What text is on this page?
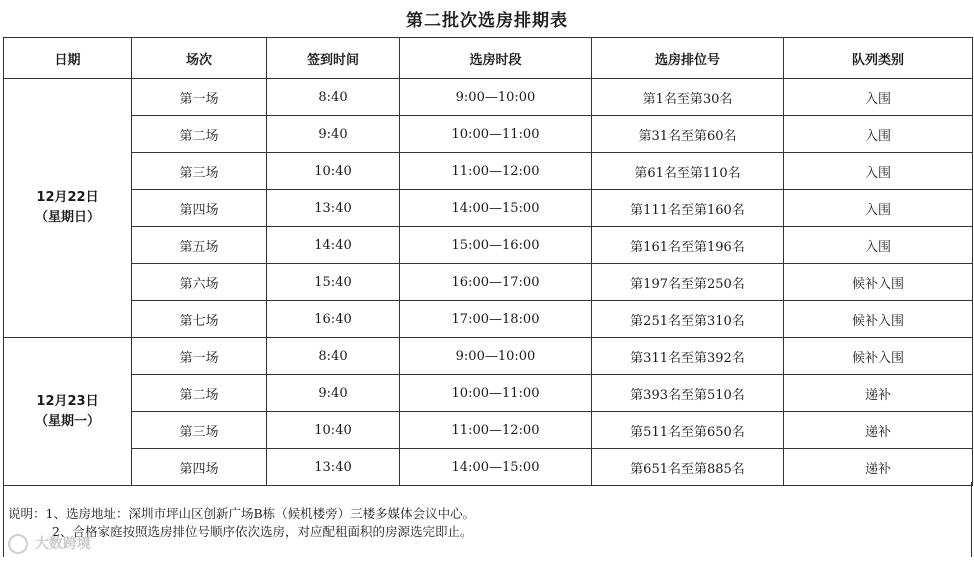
第二批次选房排期表
日期	场次	签到时间	选房时段	选房排位号	队列类别

12月22日
（星期日）	第一场	8:40	9:00—10:00	第1名至第30名	入围
	第二场	9:40	10:00—11:00	第31名至第60名	入围
	第三场	10:40	11:00—12:00	第61名至第110名	入围
	第四场	13:40	14:00—15:00	第111名至第160名	入围
	第五场	14:40	15:00—16:00	第161名至第196名	入围
	第六场	15:40	16:00—17:00	第197名至第250名	候补入围
	第七场	16:40	17:00—18:00	第251名至第310名	候补入围

12月23日
（星期一）	第一场	8:40	9:00—10:00	第311名至第392名	候补入围
	第二场	9:40	10:00—11:00	第393名至第510名	递补
	第三场	10:40	11:00—12:00	第511名至第650名	递补
	第四场	13:40	14:00—15:00	第651名至第885名	递补
说明：1、选房地址：深圳市坪山区创新广场B栋（候机楼旁）三楼多媒体会议中心。
2、合格家庭按照选房排位号顺序依次选房，对应配租面积的房源选完即止。
大数跨境
